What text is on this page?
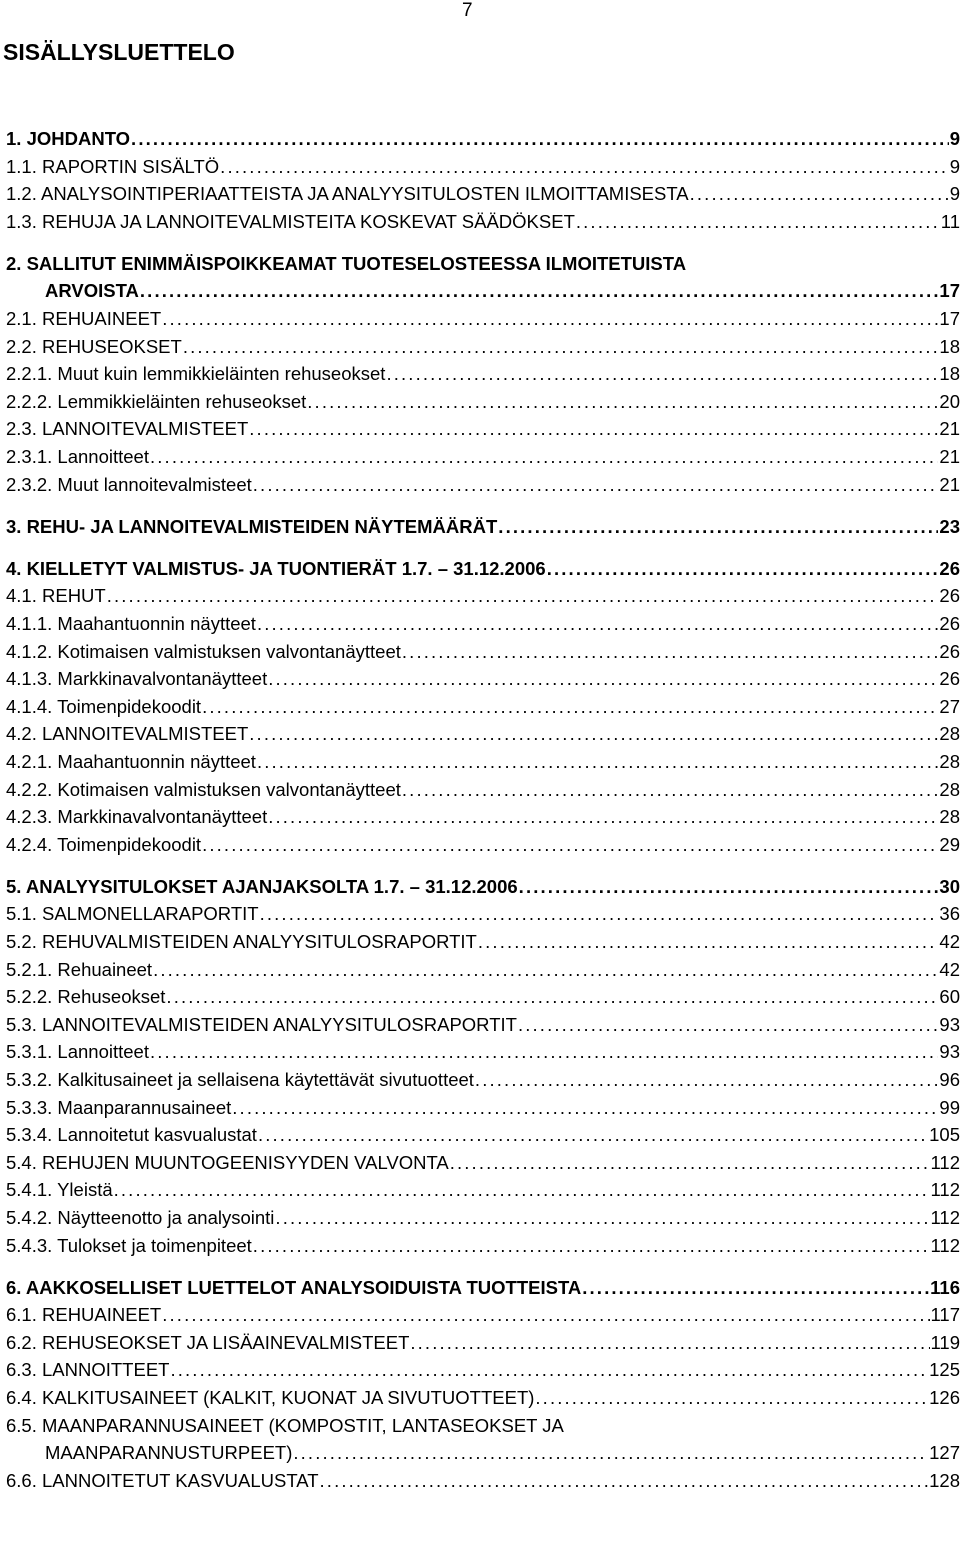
7
SISÄLLYSLUETTELO
1. JOHDANTO . . .	9
1.1. RAPORTIN SISÄLTÖ . . .	9
1.2. ANALYSOINTIPERIAATTEISTA JA ANALYYSITULOSTEN ILMOITTAMISESTA . . .	9
1.3. REHUJA JA LANNOITEVALMISTEITA KOSKEVAT SÄÄDÖKSET . . .	11
2. SALLITUT ENIMMÄISPOIKKEAMAT TUOTESELOSTEESSA ILMOITETUISTA
ARVOISTA . . .	17
2.1. REHUAINEET . . .	17
2.2. REHUSEOKSET . . .	18
2.2.1. Muut kuin lemmikkieläinten rehuseokset . . .	18
2.2.2. Lemmikkieläinten rehuseokset . . .	20
2.3. LANNOITEVALMISTEET . . .	21
2.3.1. Lannoitteet . . .	21
2.3.2. Muut lannoitevalmisteet . . .	21
3. REHU- JA LANNOITEVALMISTEIDEN NÄYTEMÄÄRÄT . . .	23
4. KIELLETYT VALMISTUS- JA TUONTIERÄT 1.7. – 31.12.2006 . . .	26
4.1. REHUT . . .	26
4.1.1. Maahantuonnin näytteet . . .	26
4.1.2. Kotimaisen valmistuksen valvontanäytteet . . .	26
4.1.3. Markkinavalvontanäytteet . . .	26
4.1.4. Toimenpidekoodit . . .	27
4.2. LANNOITEVALMISTEET . . .	28
4.2.1. Maahantuonnin näytteet . . .	28
4.2.2. Kotimaisen valmistuksen valvontanäytteet . . .	28
4.2.3. Markkinavalvontanäytteet . . .	28
4.2.4. Toimenpidekoodit . . .	29
5. ANALYYSITULOKSET AJANJAKSOLTA 1.7. – 31.12.2006 . . .	30
5.1. SALMONELLARAPORTIT . . .	36
5.2. REHUVALMISTEIDEN ANALYYSITULOSRAPORTIT . . .	42
5.2.1. Rehuaineet . . .	42
5.2.2. Rehuseokset . . .	60
5.3. LANNOITEVALMISTEIDEN ANALYYSITULOSRAPORTIT . . .	93
5.3.1. Lannoitteet . . .	93
5.3.2. Kalkitusaineet ja sellaisena käytettävät sivutuotteet . . .	96
5.3.3. Maanparannusaineet . . .	99
5.3.4. Lannoitetut kasvualustat . . .	105
5.4. REHUJEN MUUNTOGEENISYYDEN VALVONTA . . .	112
5.4.1. Yleistä . . .	112
5.4.2. Näytteenotto ja analysointi . . .	112
5.4.3. Tulokset ja toimenpiteet . . .	112
6. AAKKOSELLISET LUETTELOT ANALYSOIDUISTA TUOTTEISTA . . .	116
6.1. REHUAINEET . . .	117
6.2. REHUSEOKSET JA LISÄAINEVALMISTEET . . .	119
6.3. LANNOITTEET . . .	125
6.4. KALKITUSAINEET (KALKIT, KUONAT JA SIVUTUOTTEET) . . .	126
6.5. MAANPARANNUSAINEET (KOMPOSTIT, LANTASEOKSET JA
MAANPARANNUSTURPEET) . . .	127
6.6. LANNOITETUT KASVUALUSTAT . . .	128
